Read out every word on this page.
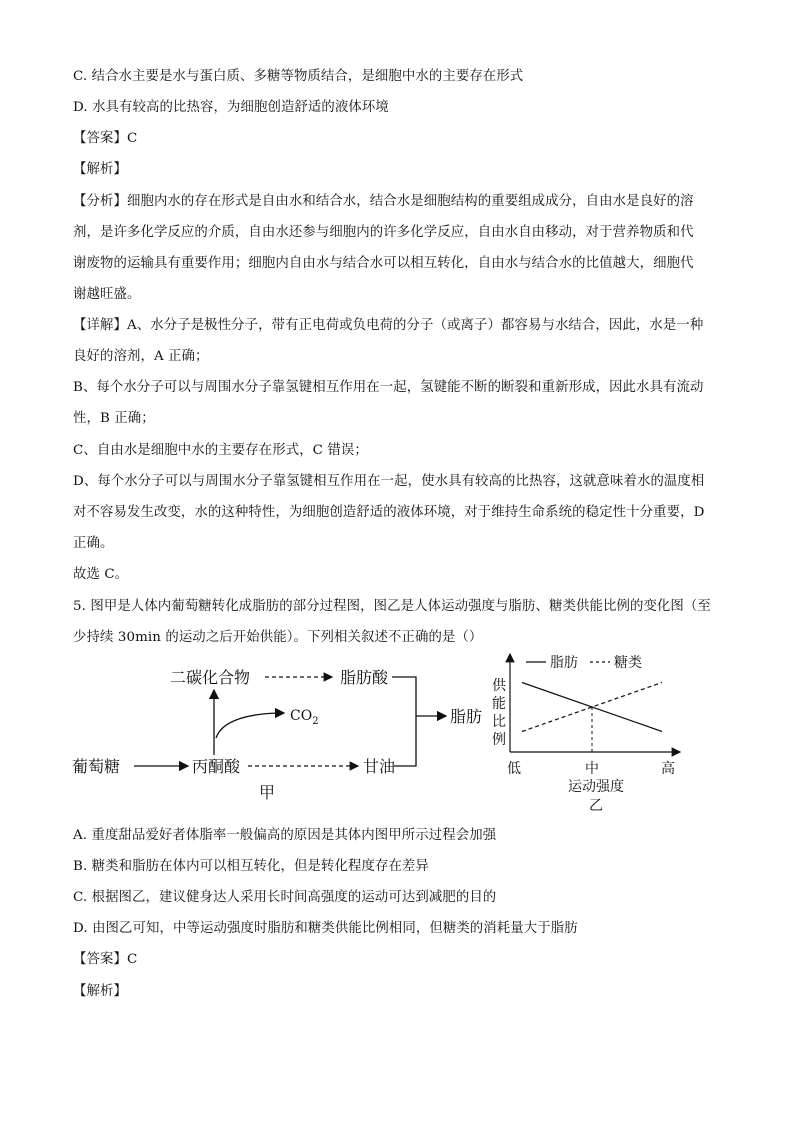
C. 结合水主要是水与蛋白质、多糖等物质结合，是细胞中水的主要存在形式
D. 水具有较高的比热容，为细胞创造舒适的液体环境
【答案】C
【解析】
【分析】细胞内水的存在形式是自由水和结合水，结合水是细胞结构的重要组成成分，自由水是良好的溶
剂，是许多化学反应的介质，自由水还参与细胞内的许多化学反应，自由水自由移动，对于营养物质和代
谢废物的运输具有重要作用；细胞内自由水与结合水可以相互转化，自由水与结合水的比值越大，细胞代
谢越旺盛。
【详解】A、水分子是极性分子，带有正电荷或负电荷的分子（或离子）都容易与水结合，因此，水是一种
良好的溶剂，A 正确；
B、每个水分子可以与周围水分子靠氢键相互作用在一起，氢键能不断的断裂和重新形成，因此水具有流动
性，B 正确；
C、自由水是细胞中水的主要存在形式，C 错误；
D、每个水分子可以与周围水分子靠氢键相互作用在一起，使水具有较高的比热容，这就意味着水的温度相
对不容易发生改变，水的这种特性，为细胞创造舒适的液体环境，对于维持生命系统的稳定性十分重要，D
正确。
故选 C。
5. 图甲是人体内葡萄糖转化成脂肪的部分过程图，图乙是人体运动强度与脂肪、糖类供能比例的变化图（至
少持续 30min 的运动之后开始供能）。下列相关叙述不正确的是（）
二碳化合物	脂肪酸
$CO_2$	脂肪
葡萄糖	丙酮酸	甘油
甲
供
能
比
例
脂肪	糖类
低	中	高
运动强度
乙
A. 重度甜品爱好者体脂率一般偏高的原因是其体内图甲所示过程会加强
B. 糖类和脂肪在体内可以相互转化，但是转化程度存在差异
C. 根据图乙，建议健身达人采用长时间高强度的运动可达到减肥的目的
D. 由图乙可知，中等运动强度时脂肪和糖类供能比例相同，但糖类的消耗量大于脂肪
【答案】C
【解析】
